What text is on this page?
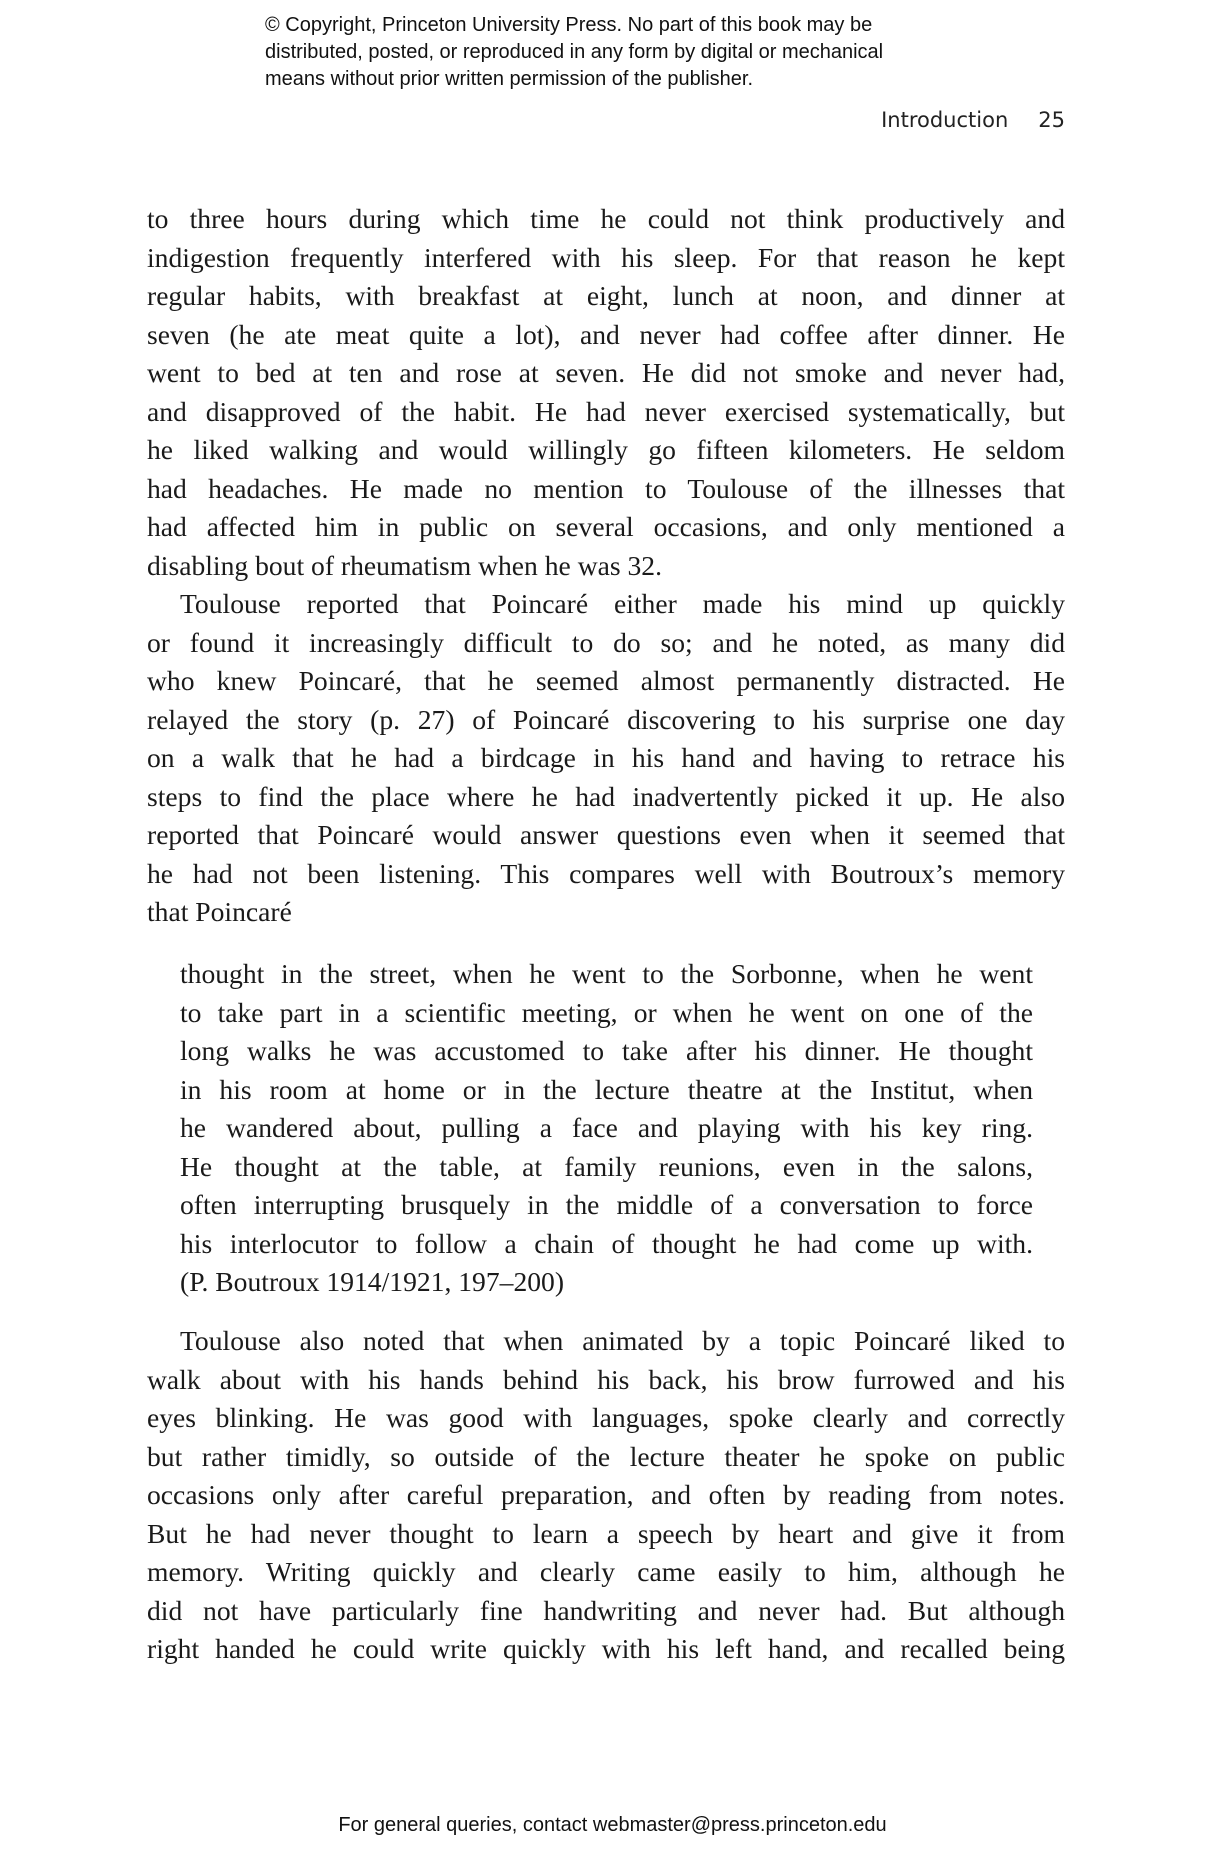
© Copyright, Princeton University Press. No part of this book may be
distributed, posted, or reproduced in any form by digital or mechanical
means without prior written permission of the publisher.
Introduction 25

to three hours during which time he could not think productively and

indigestion frequently interfered with his sleep. For that reason he kept

regular habits, with breakfast at eight, lunch at noon, and dinner at

seven (he ate meat quite a lot), and never had coffee after dinner. He

went to bed at ten and rose at seven. He did not smoke and never had,

and disapproved of the habit. He had never exercised systematically, but

he liked walking and would willingly go fifteen kilometers. He seldom

had headaches. He made no mention to Toulouse of the illnesses that

had affected him in public on several occasions, and only mentioned a

disabling bout of rheumatism when he was 32.

Toulouse reported that Poincaré either made his mind up quickly

or found it increasingly difficult to do so; and he noted, as many did

who knew Poincaré, that he seemed almost permanently distracted. He

relayed the story (p. 27) of Poincaré discovering to his surprise one day

on a walk that he had a birdcage in his hand and having to retrace his

steps to find the place where he had inadvertently picked it up. He also

reported that Poincaré would answer questions even when it seemed that

he had not been listening. This compares well with Boutroux’s memory

that Poincaré

thought in the street, when he went to the Sorbonne, when he went

to take part in a scientific meeting, or when he went on one of the

long walks he was accustomed to take after his dinner. He thought

in his room at home or in the lecture theatre at the Institut, when

he wandered about, pulling a face and playing with his key ring.

He thought at the table, at family reunions, even in the salons,

often interrupting brusquely in the middle of a conversation to force

his interlocutor to follow a chain of thought he had come up with.

(P. Boutroux 1914/1921, 197–200)

Toulouse also noted that when animated by a topic Poincaré liked to

walk about with his hands behind his back, his brow furrowed and his

eyes blinking. He was good with languages, spoke clearly and correctly

but rather timidly, so outside of the lecture theater he spoke on public

occasions only after careful preparation, and often by reading from notes.

But he had never thought to learn a speech by heart and give it from

memory. Writing quickly and clearly came easily to him, although he

did not have particularly fine handwriting and never had. But although

right handed he could write quickly with his left hand, and recalled being

For general queries, contact webmaster@press.princeton.edu
